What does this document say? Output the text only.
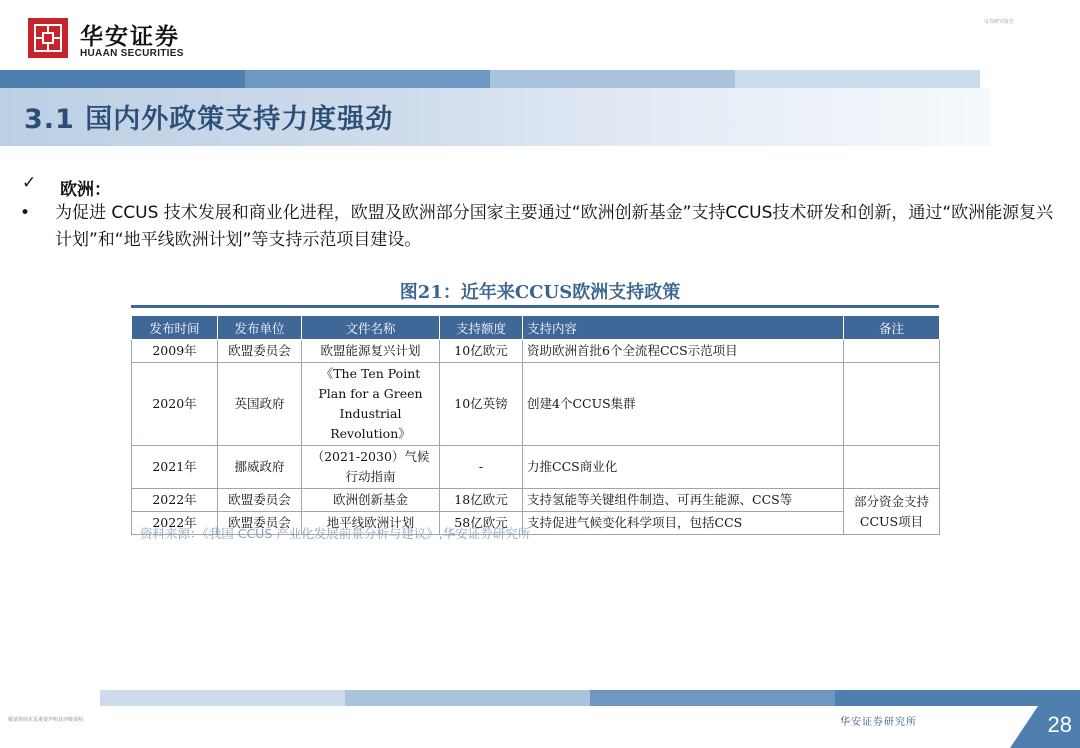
华安证券
HUAAN SECURITIES
证券研究报告
3.1 国内外政策支持力度强劲
✓ 欧洲：
• 为促进 CCUS 技术发展和商业化进程，欧盟及欧洲部分国家主要通过“欧洲创新基金”支持CCUS技术研发和创新，通过“欧洲能源复兴计划”和“地平线欧洲计划”等支持示范项目建设。
图21：近年来CCUS欧洲支持政策
发布时间	发布单位	文件名称	支持额度	支持内容	备注
2009年	欧盟委员会	欧盟能源复兴计划	10亿欧元	资助欧洲首批6个全流程CCS示范项目	
2020年	英国政府	《The Ten Point Plan for a Green Industrial Revolution》	10亿英镑	创建4个CCUS集群	
2021年	挪威政府	（2021-2030）气候行动指南	-	力推CCS商业化	
2022年	欧盟委员会	欧洲创新基金	18亿欧元	支持氢能等关键组件制造、可再生能源、CCS等	部分资金支持CCUS项目
2022年	欧盟委员会	地平线欧洲计划	58亿欧元	支持促进气候变化科学项目，包括CCS	
资料来源：《我国 CCUS 产业化发展前景分析与建议》,华安证券研究所
敬请参阅末页重要声明及评级说明	华安证券研究所	28
